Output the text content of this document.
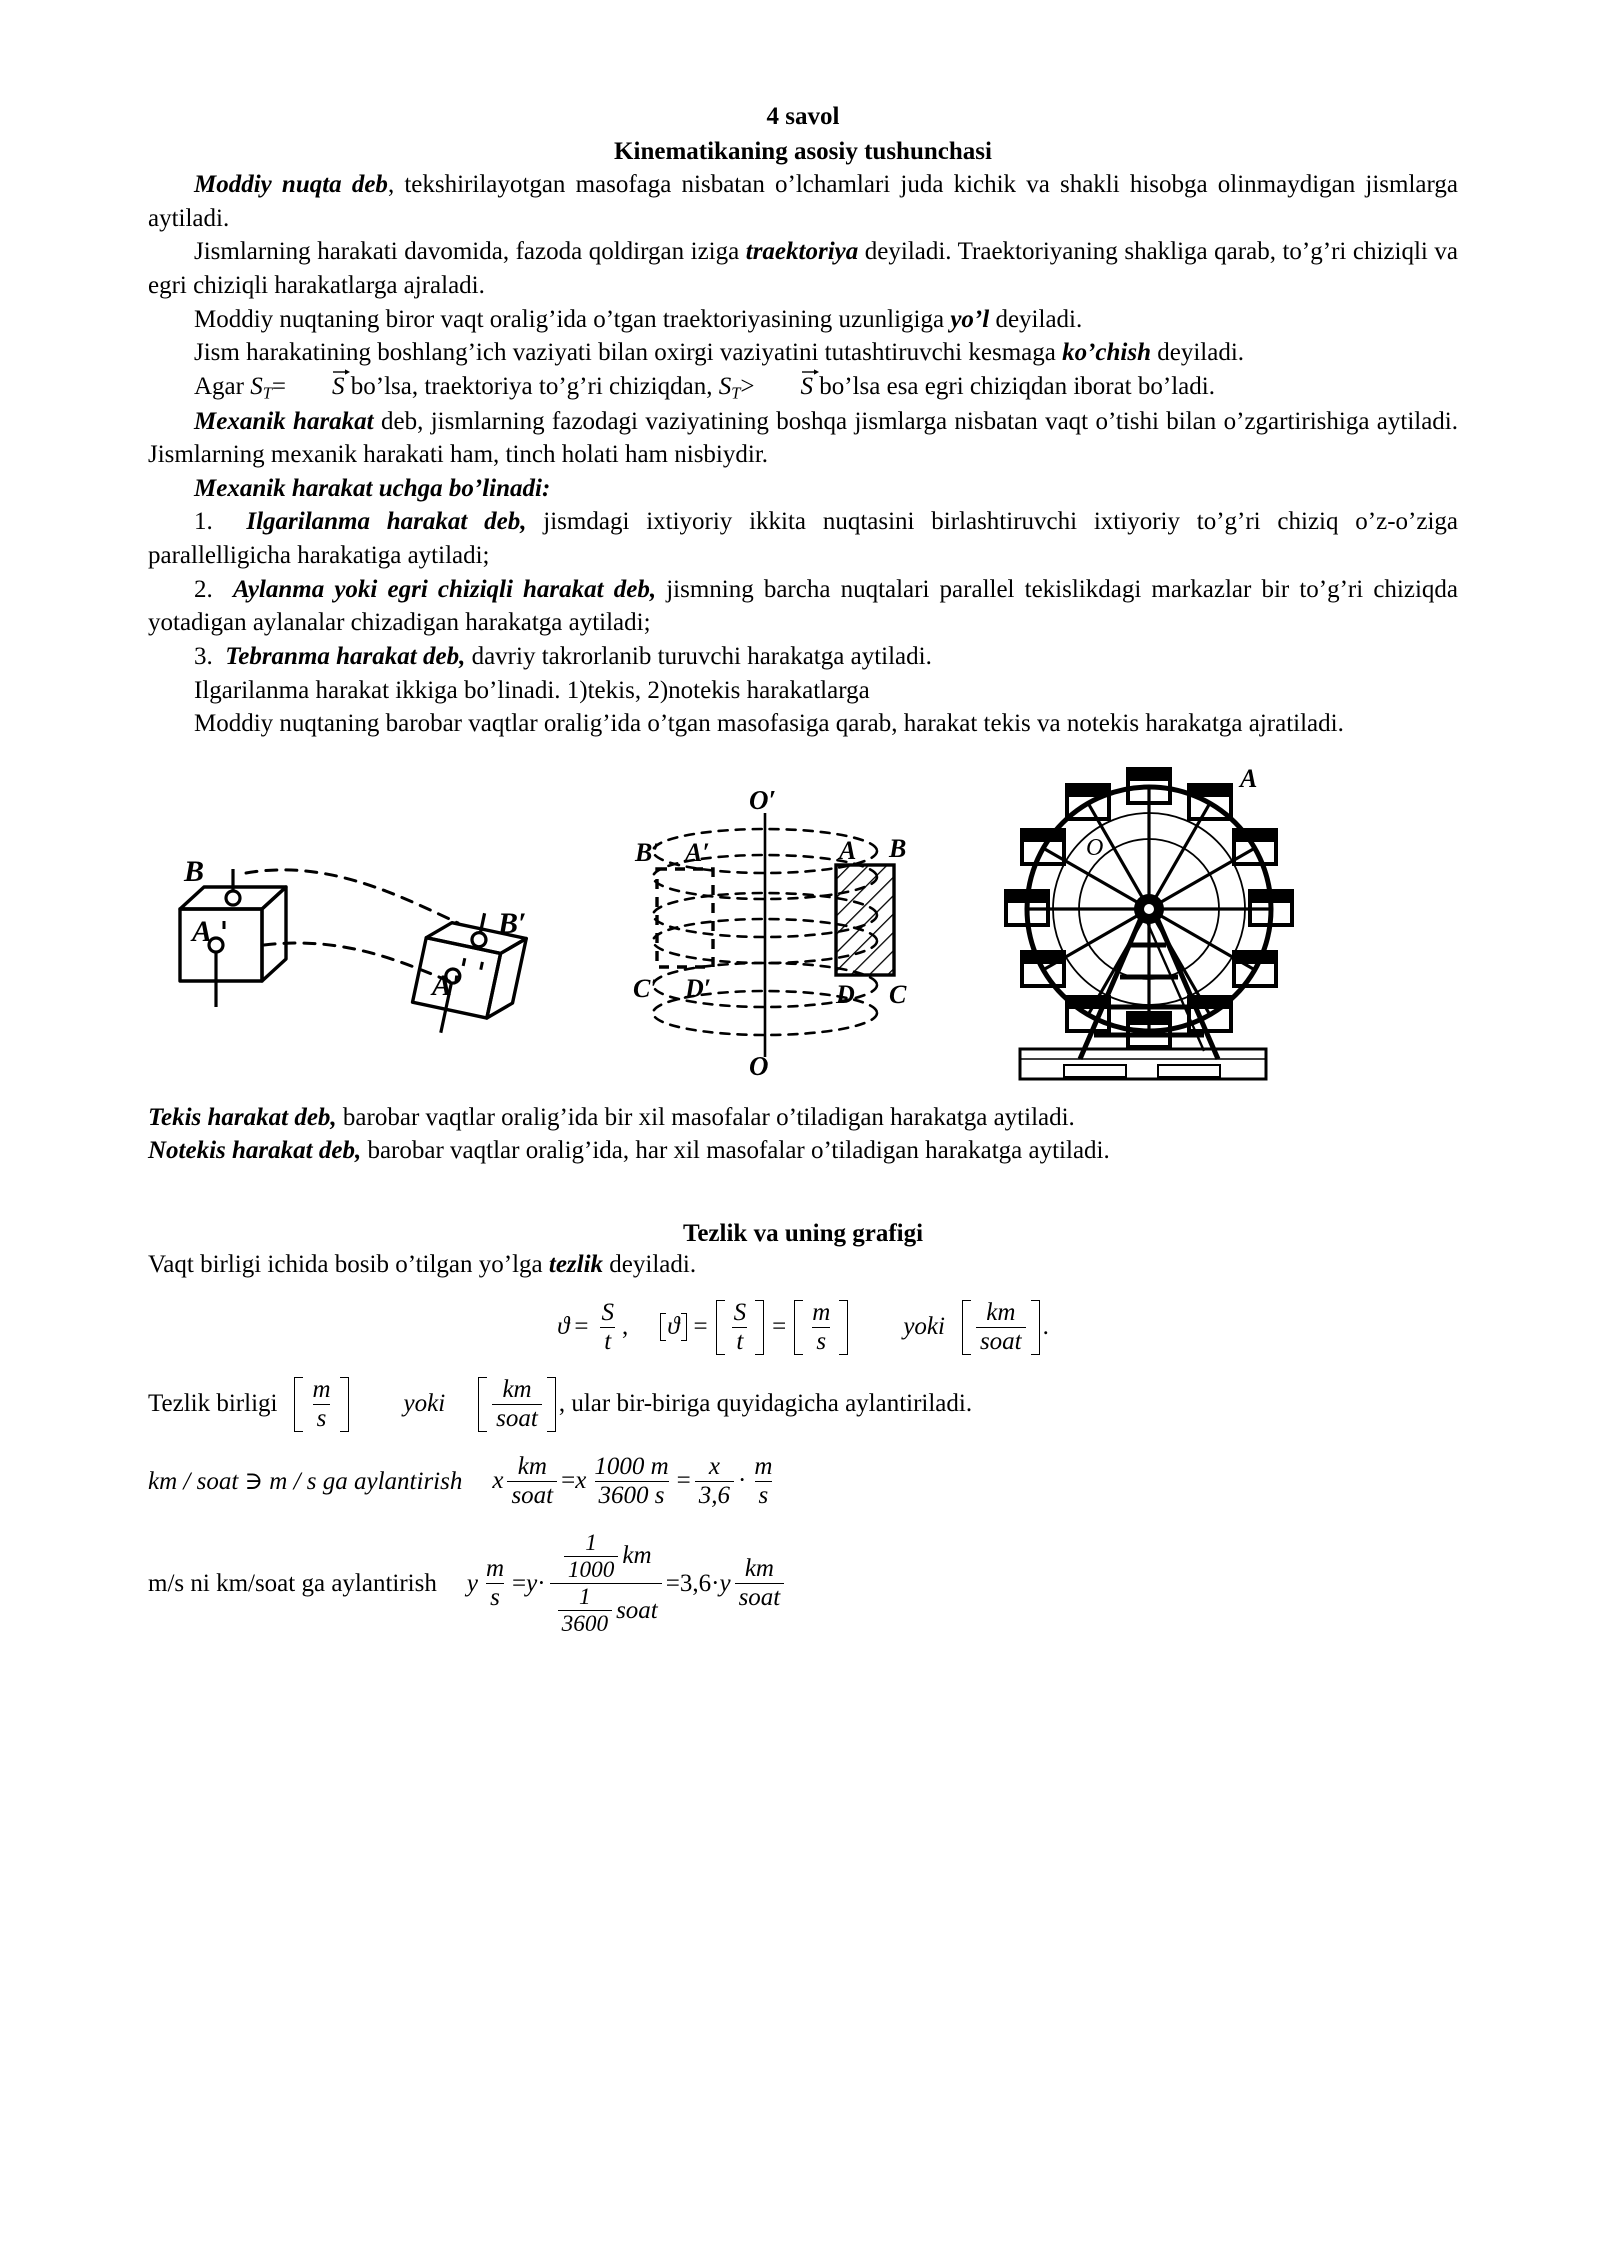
4 savol
Kinematikaning asosiy tushunchasi

Moddiy nuqta deb, tekshirilayotgan masofaga nisbatan o’lchamlari juda kichik va shakli hisobga olinmaydigan jismlarga aytiladi.

Jismlarning harakati davomida, fazoda qoldirgan iziga traektoriya deyiladi. Traektoriyaning shakliga qarab, to’g’ri chiziqli va egri chiziqli harakatlarga ajraladi.

Moddiy nuqtaning biror vaqt oralig’ida o’tgan traektoriyasining uzunligiga yo’l deyiladi.

Jism harakatining boshlang’ich vaziyati bilan oxirgi vaziyatini tutashtiruvchi kesmaga ko’chish deyiladi.

Agar $S_T= S$ bo’lsa, traektoriya to’g’ri chiziqdan, $S_T> S$ bo’lsa esa egri chiziqdan iborat bo’ladi.

Mexanik harakat deb, jismlarning fazodagi vaziyatining boshqa jismlarga nisbatan vaqt o’tishi bilan o’zgartirishiga aytiladi. Jismlarning mexanik harakati ham, tinch holati ham nisbiydir.

Mexanik harakat uchga bo’linadi:

1. Ilgarilanma harakat deb, jismdagi ixtiyoriy ikkita nuqtasini birlashtiruvchi ixtiyoriy to’g’ri chiziq o’z-o’ziga parallelligicha harakatiga aytiladi;

2. Aylanma yoki egri chiziqli harakat deb, jismning barcha nuqtalari parallel tekislikdagi markazlar bir to’g’ri chiziqda yotadigan aylanalar chizadigan harakatga aytiladi;

3. Tebranma harakat deb, davriy takrorlanib turuvchi harakatga aytiladi.

Ilgarilanma harakat ikkiga bo’linadi. 1)tekis, 2)notekis harakatlarga

Moddiy nuqtaning barobar vaqtlar oralig’ida o’tgan masofasiga qarab, harakat tekis va notekis harakatga ajratiladi.

B
A	B′
A′
O′
O
A B
D C
B′ A′
C′ D′
A
O

Tekis harakat deb, barobar vaqtlar oralig’ida bir xil masofalar o’tiladigan harakatga aytiladi.

Notekis harakat deb, barobar vaqtlar oralig’ida, har xil masofalar o’tiladigan harakatga aytiladi.

Tezlik va uning grafigi

Vaqt birligi ichida bosib o’tilgan yo’lga tezlik deyiladi.

$ϑ = \frac{S}{t}$ , $ϑ = \frac{S}{t} = \frac{m}{s}$	yoki $\frac{km}{\text{soat}}$ .
Tezlik birligi $\frac{m}{s}$	yoki $\frac{km}{\text{soat}}$ , ular bir-biriga quyidagicha aylantiriladi.
km / soat ∋ m / s ga aylantirish x $\frac{km}{\text{soat}} = x \frac{1000 m}{3600 s} = \frac{x}{3,6} \cdot \frac{m}{s}$
m/s ni km/soat ga aylantirish y $\frac{m}{s} = y \cdot \frac{\frac{1}{1000} km}{\frac{1}{3600} soat} = 3,6 \cdot y \frac{km}{\text{soat}}$
